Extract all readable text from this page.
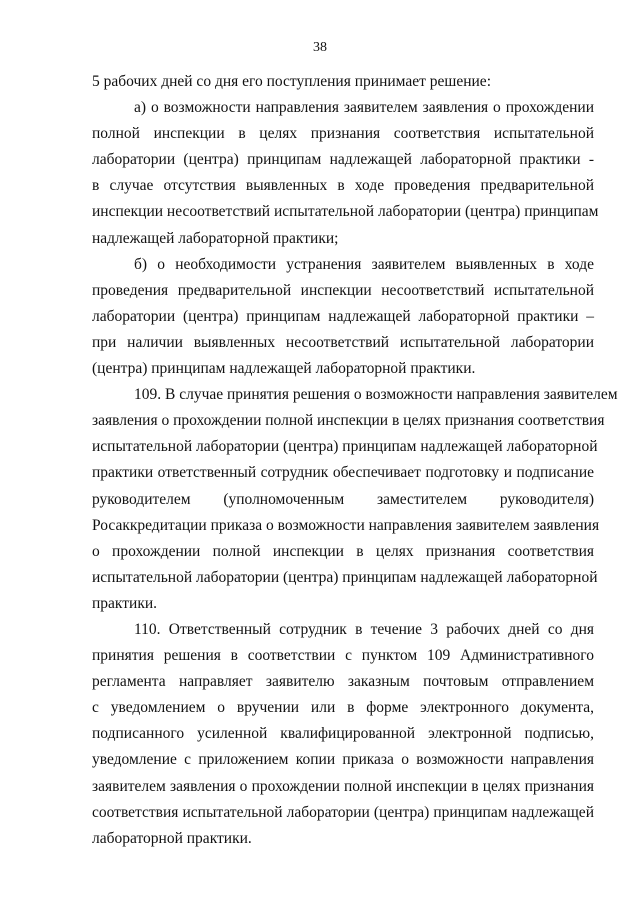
38
5 рабочих дней со дня его поступления принимает решение:
а) о возможности направления заявителем заявления о прохождении
полной инспекции в целях признания соответствия испытательной
лаборатории (центра) принципам надлежащей лабораторной практики -
в случае отсутствия выявленных в ходе проведения предварительной
инспекции несоответствий испытательной лаборатории (центра) принципам
надлежащей лабораторной практики;
б) о необходимости устранения заявителем выявленных в ходе
проведения предварительной инспекции несоответствий испытательной
лаборатории (центра) принципам надлежащей лабораторной практики –
при наличии выявленных несоответствий испытательной лаборатории
(центра) принципам надлежащей лабораторной практики.
109. В случае принятия решения о возможности направления заявителем
заявления о прохождении полной инспекции в целях признания соответствия
испытательной лаборатории (центра) принципам надлежащей лабораторной
практики ответственный сотрудник обеспечивает подготовку и подписание
руководителем (уполномоченным заместителем руководителя)
Росаккредитации приказа о возможности направления заявителем заявления
о прохождении полной инспекции в целях признания соответствия
испытательной лаборатории (центра) принципам надлежащей лабораторной
практики.
110. Ответственный сотрудник в течение 3 рабочих дней со дня
принятия решения в соответствии с пунктом 109 Административного
регламента направляет заявителю заказным почтовым отправлением
с уведомлением о вручении или в форме электронного документа,
подписанного усиленной квалифицированной электронной подписью,
уведомление с приложением копии приказа о возможности направления
заявителем заявления о прохождении полной инспекции в целях признания
соответствия испытательной лаборатории (центра) принципам надлежащей
лабораторной практики.
